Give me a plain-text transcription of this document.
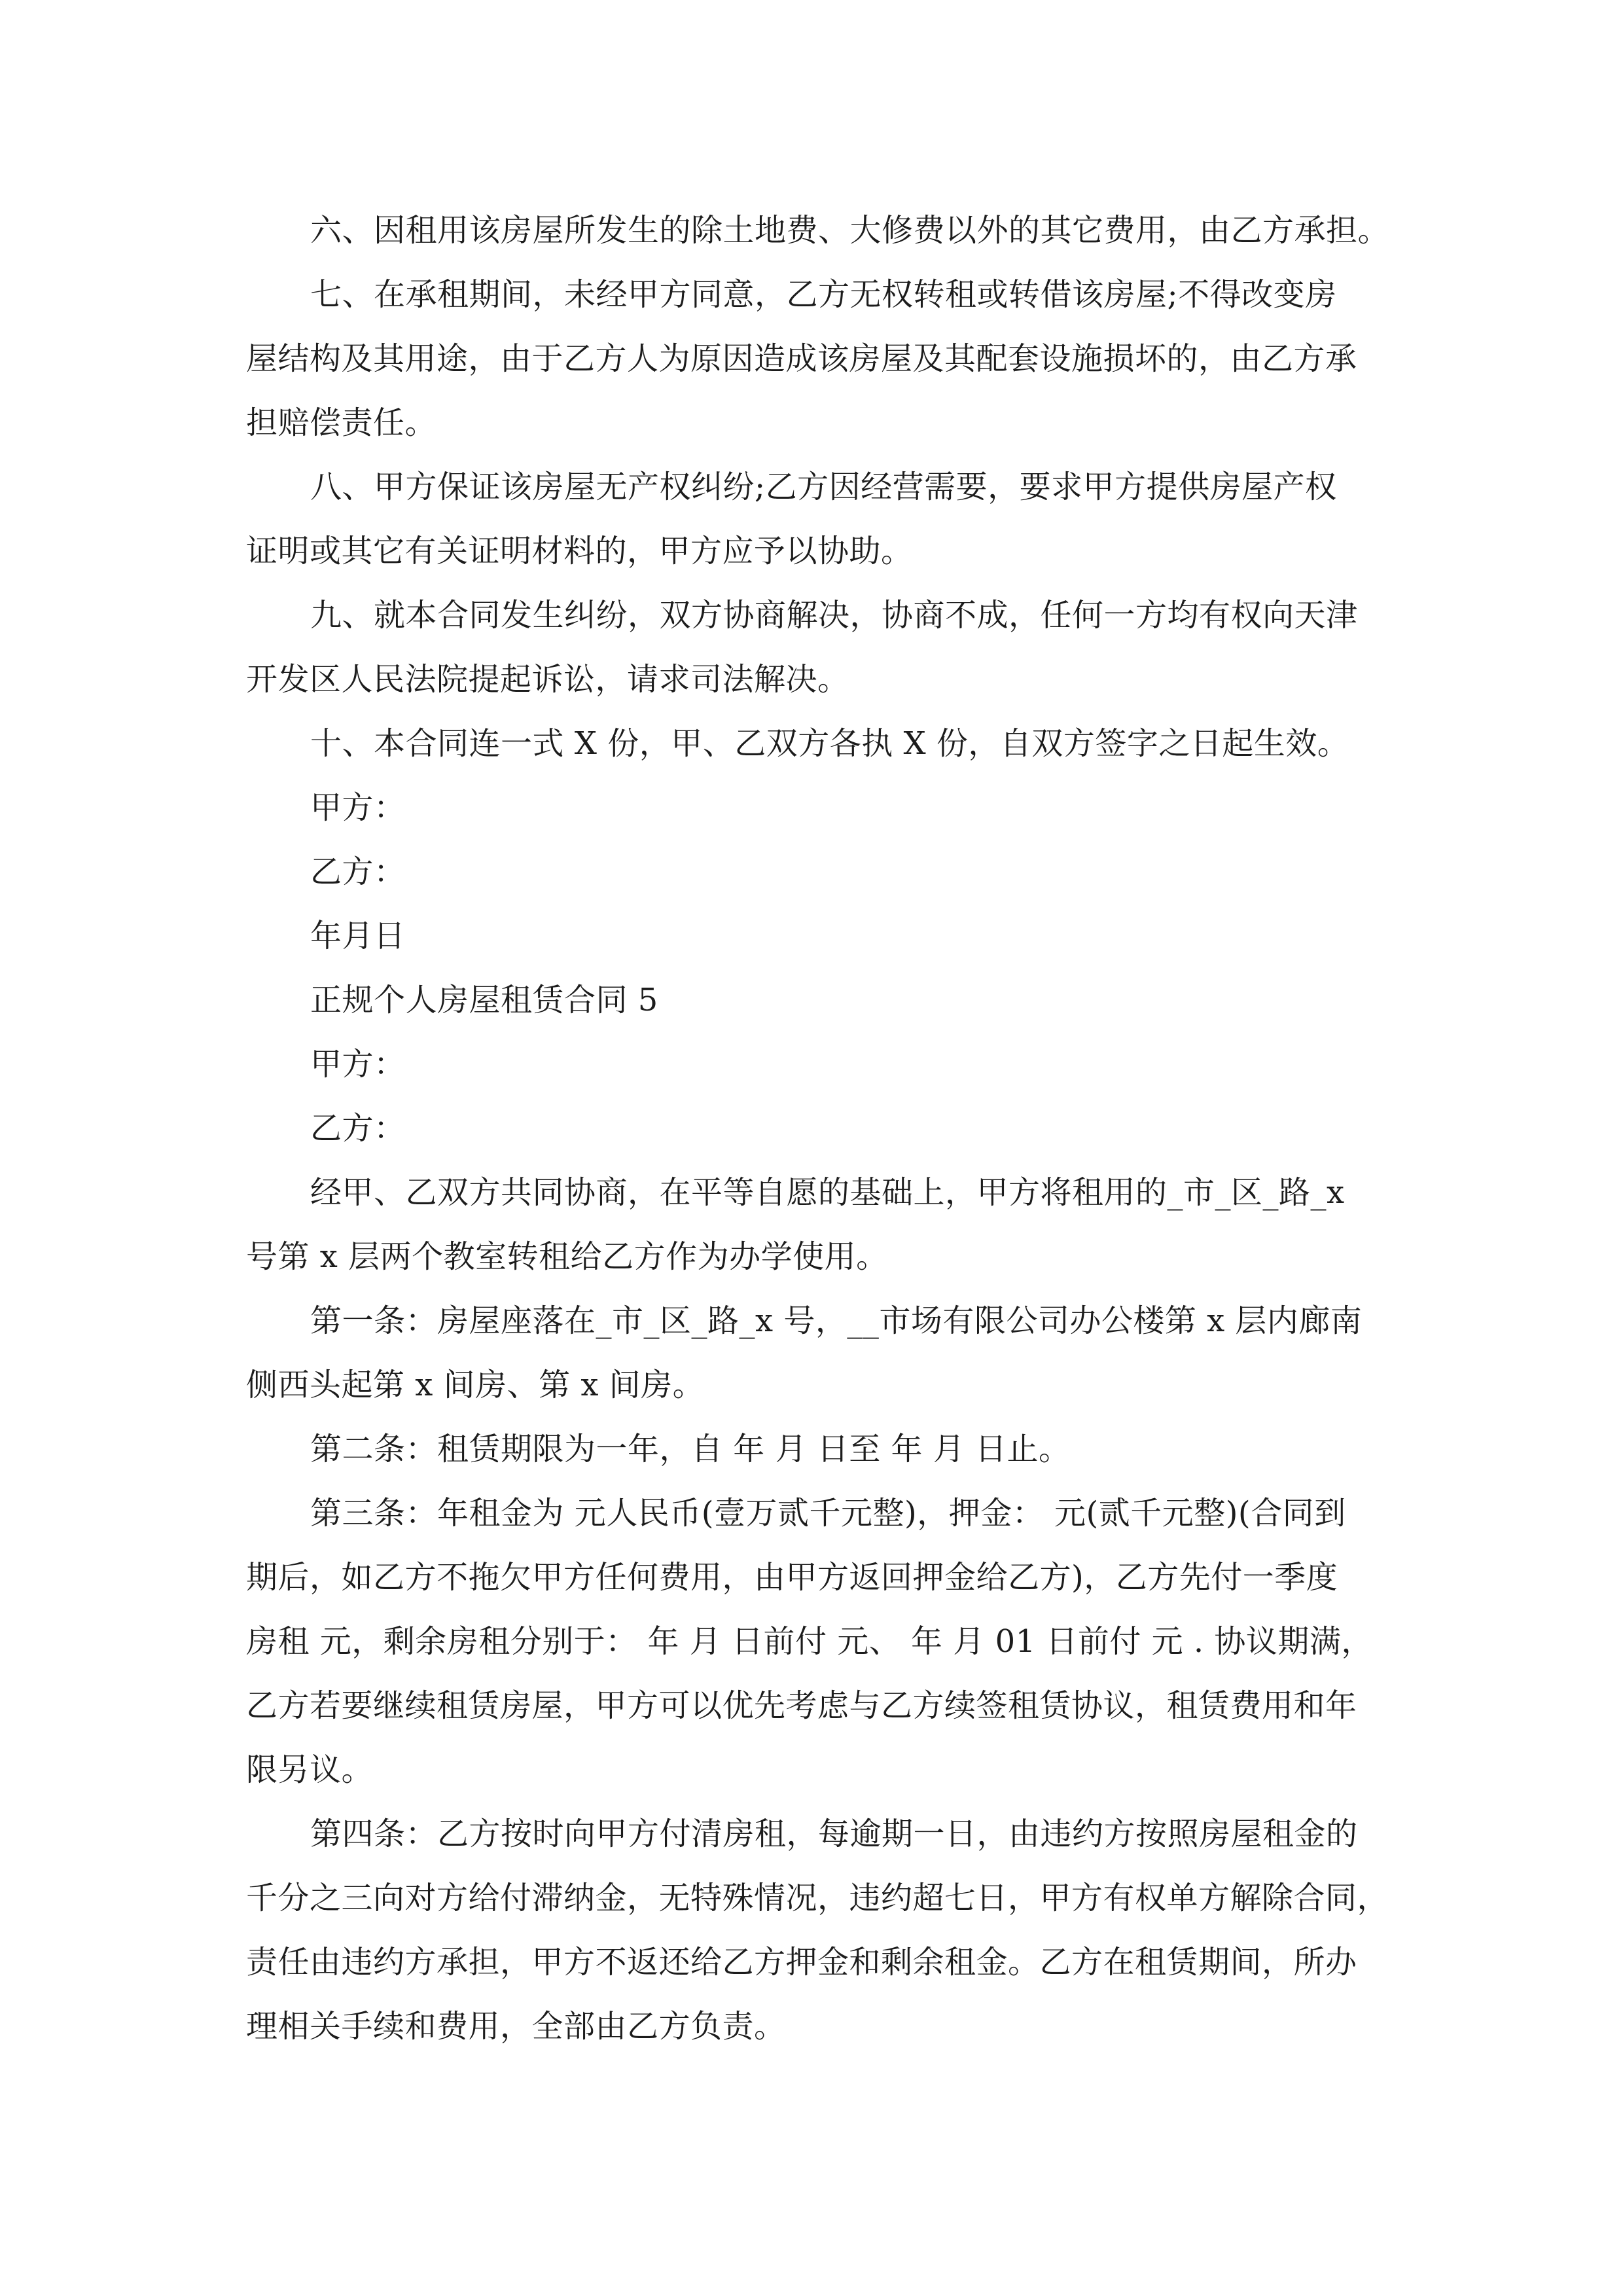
六、因租用该房屋所发生的除土地费、大修费以外的其它费用，由乙方承担。
七、在承租期间，未经甲方同意，乙方无权转租或转借该房屋;不得改变房
屋结构及其用途，由于乙方人为原因造成该房屋及其配套设施损坏的，由乙方承
担赔偿责任。
八、甲方保证该房屋无产权纠纷;乙方因经营需要，要求甲方提供房屋产权
证明或其它有关证明材料的，甲方应予以协助。
九、就本合同发生纠纷，双方协商解决，协商不成，任何一方均有权向天津
开发区人民法院提起诉讼，请求司法解决。
十、本合同连一式 X 份，甲、乙双方各执 X 份，自双方签字之日起生效。
甲方：
乙方：
年月日
正规个人房屋租赁合同 5
甲方：
乙方：
经甲、乙双方共同协商，在平等自愿的基础上，甲方将租用的_市_区_路_x
号第 x 层两个教室转租给乙方作为办学使用。
第一条：房屋座落在_市_区_路_x 号，__市场有限公司办公楼第 x 层内廊南
侧西头起第 x 间房、第 x 间房。
第二条：租赁期限为一年，自 年 月 日至 年 月 日止。
第三条：年租金为 元人民币(壹万贰千元整)，押金： 元(贰千元整)(合同到
期后，如乙方不拖欠甲方任何费用，由甲方返回押金给乙方)，乙方先付一季度
房租 元，剩余房租分别于： 年 月 日前付 元、 年 月 01 日前付 元 . 协议期满，
乙方若要继续租赁房屋，甲方可以优先考虑与乙方续签租赁协议，租赁费用和年
限另议。
第四条：乙方按时向甲方付清房租，每逾期一日，由违约方按照房屋租金的
千分之三向对方给付滞纳金，无特殊情况，违约超七日，甲方有权单方解除合同，
责任由违约方承担，甲方不返还给乙方押金和剩余租金。乙方在租赁期间，所办
理相关手续和费用，全部由乙方负责。
